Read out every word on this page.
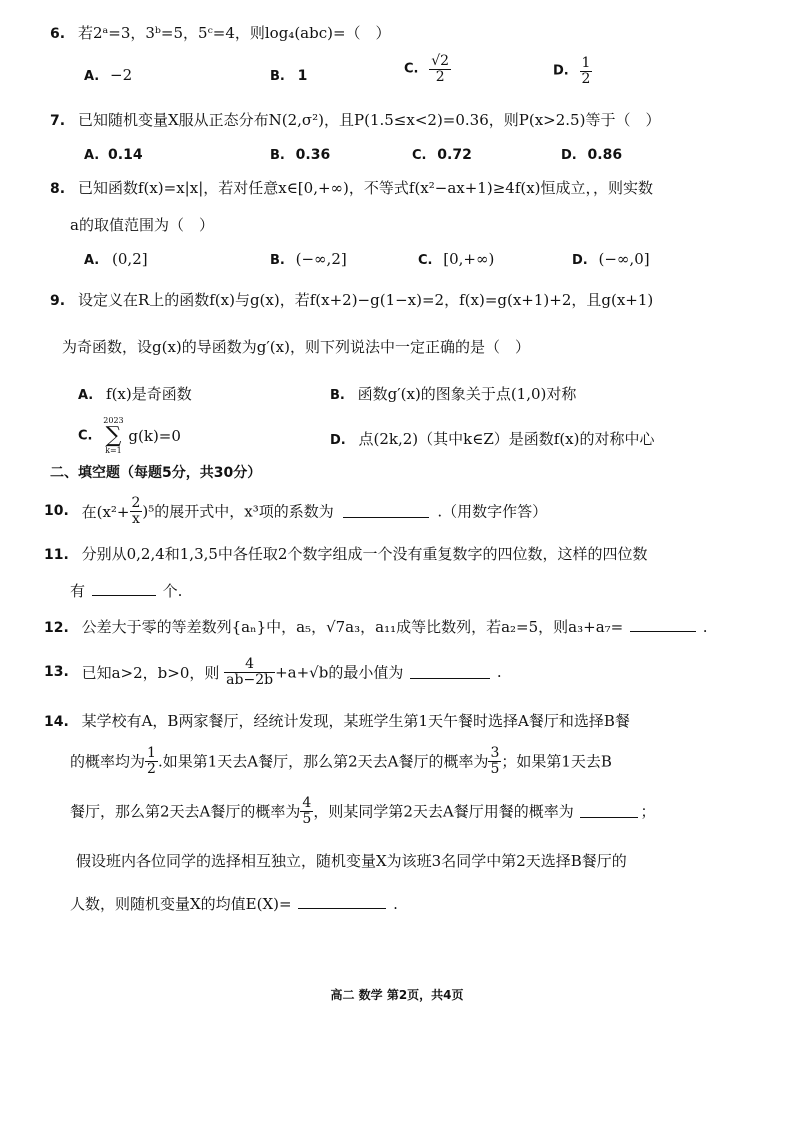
6. 若2ᵃ=3，3ᵇ=5，5ᶜ=4，则log₄(abc)=（　）
A. −2	B. 1	C. $\frac{√2}{2}$	D. $\frac{1}{2}$
7. 已知随机变量X服从正态分布N(2,σ²)，且P(1.5≤x<2)=0.36，则P(x>2.5)等于（　）
A. 0.14	B. 0.36	C. 0.72	D. 0.86
8. 已知函数f(x)=x|x|，若对任意x∈[0,+∞)，不等式f(x²−ax+1)≥4f(x)恒成立，，则实数
a的取值范围为（　）
A. (0,2]	B. (−∞,2]	C. [0,+∞)	D. (−∞,0]
9. 设定义在R上的函数f(x)与g(x)，若f(x+2)−g(1−x)=2，f(x)=g(x+1)+2，且g(x+1)
为奇函数，设g(x)的导函数为g′(x)，则下列说法中一定正确的是（　）
A. f(x)是奇函数	B. 函数g′(x)的图象关于点(1,0)对称
C.
2023
∑
k=1
g(k)=0	D. 点(2k,2)（其中k∈Z）是函数f(x)的对称中心
二、填空题（每题5分，共30分）
10. 在$(x^2+ \frac{2}{x} )^5$的展开式中，x³项的系数为	.（用数字作答）
11. 分别从0,2,4和1,3,5中各任取2个数字组成一个没有重复数字的四位数，这样的四位数
有	个.
12. 公差大于零的等差数列{aₙ}中，a₅，√7a₃，a₁₁成等比数列，若a₂=5，则a₃+a₇=	.
13. 已知a>2，b>0，则 $\frac{4}{ab-2b} +a+√b$的最小值为	.
14. 某学校有A，B两家餐厅，经统计发现，某班学生第1天午餐时选择A餐厅和选择B餐
的概率均为 $\frac{1}{2}$ .如果第1天去A餐厅，那么第2天去A餐厅的概率为 $\frac{3}{5}$ ；如果第1天去B
餐厅，那么第2天去A餐厅的概率为 $\frac{4}{5}$ ，则某同学第2天去A餐厅用餐的概率为	；
假设班内各位同学的选择相互独立，随机变量X为该班3名同学中第2天选择B餐厅的
人数，则随机变量X的均值E(X)=	.
高二 数学 第2页，共4页
